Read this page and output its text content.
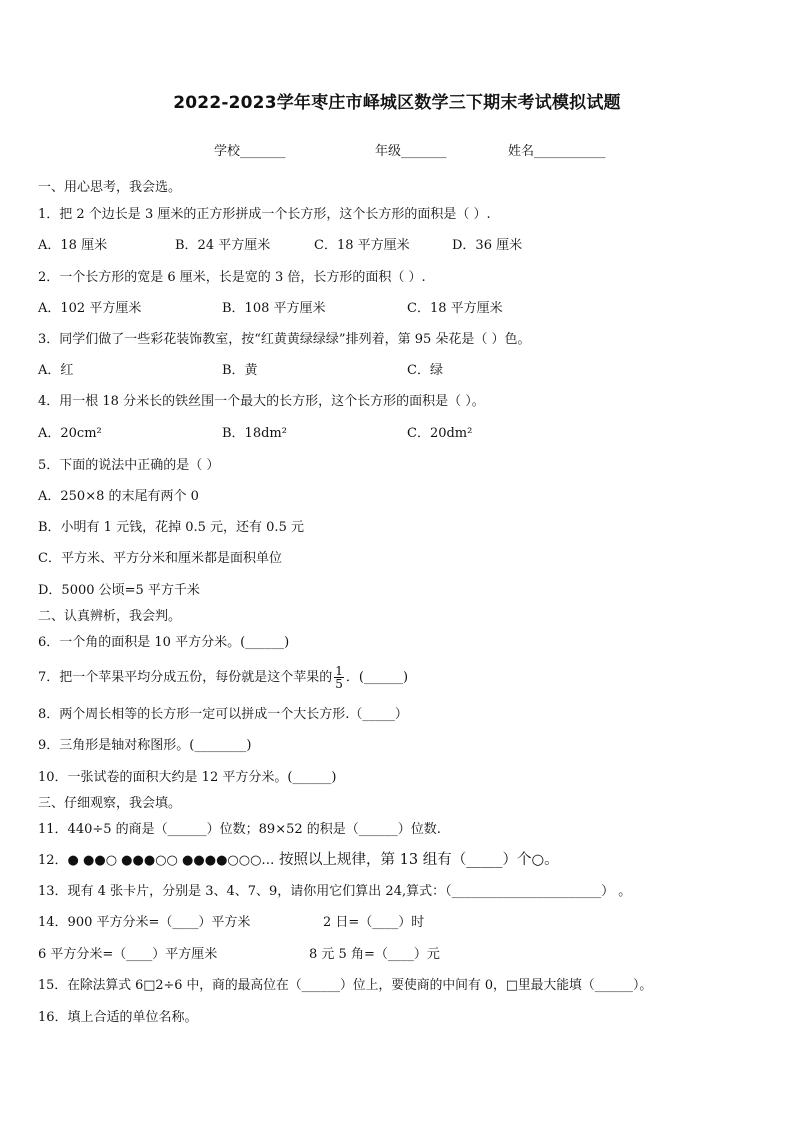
2022-2023学年枣庄市峄城区数学三下期末考试模拟试题
学校_______	年级_______	姓名___________
一、用心思考，我会选。
1．把 2 个边长是 3 厘米的正方形拼成一个长方形，这个长方形的面积是（ ）.
A．18 厘米	B．24 平方厘米	C．18 平方厘米	D．36 厘米
2．一个长方形的宽是 6 厘米，长是宽的 3 倍，长方形的面积（ ）.
A．102 平方厘米	B．108 平方厘米	C．18 平方厘米
3．同学们做了一些彩花装饰教室，按“红黄黄绿绿绿”排列着，第 95 朵花是（ ）色。
A．红	B．黄	C．绿
4．用一根 18 分米长的铁丝围一个最大的长方形，这个长方形的面积是（ ）。
A．20cm²	B．18dm²	C．20dm²
5．下面的说法中正确的是（ ）
A．250×8 的末尾有两个 0
B．小明有 1 元钱，花掉 0.5 元，还有 0.5 元
C．平方米、平方分米和厘米都是面积单位
D．5000 公顷=5 平方千米
二、认真辨析，我会判。
6．一个角的面积是 10 平方分米。(______)
7．把一个苹果平均分成五份，每份就是这个苹果的 $\frac{1}{5}$ ．(______)
8．两个周长相等的长方形一定可以拼成一个大长方形.（_____）
9．三角形是轴对称图形。(________)
10．一张试卷的面积大约是 12 平方分米。(______)
三、仔细观察，我会填。
11．440÷5 的商是（______）位数；89×52 的积是（______）位数.
12．● ●●○ ●●●○○ ●●●●○○○… 按照以上规律，第 13 组有（_____）个○。
13．现有 4 张卡片，分别是 3、4、7、9，请你用它们算出 24,算式：（_______________________） 。
14．900 平方分米=（____）平方米	2 日=（____）时
6 平方分米=（____）平方厘米	8 元 5 角=（____）元
15．在除法算式 6□2÷6 中，商的最高位在（______）位上，要使商的中间有 0，□里最大能填（______）。
16．填上合适的单位名称。
